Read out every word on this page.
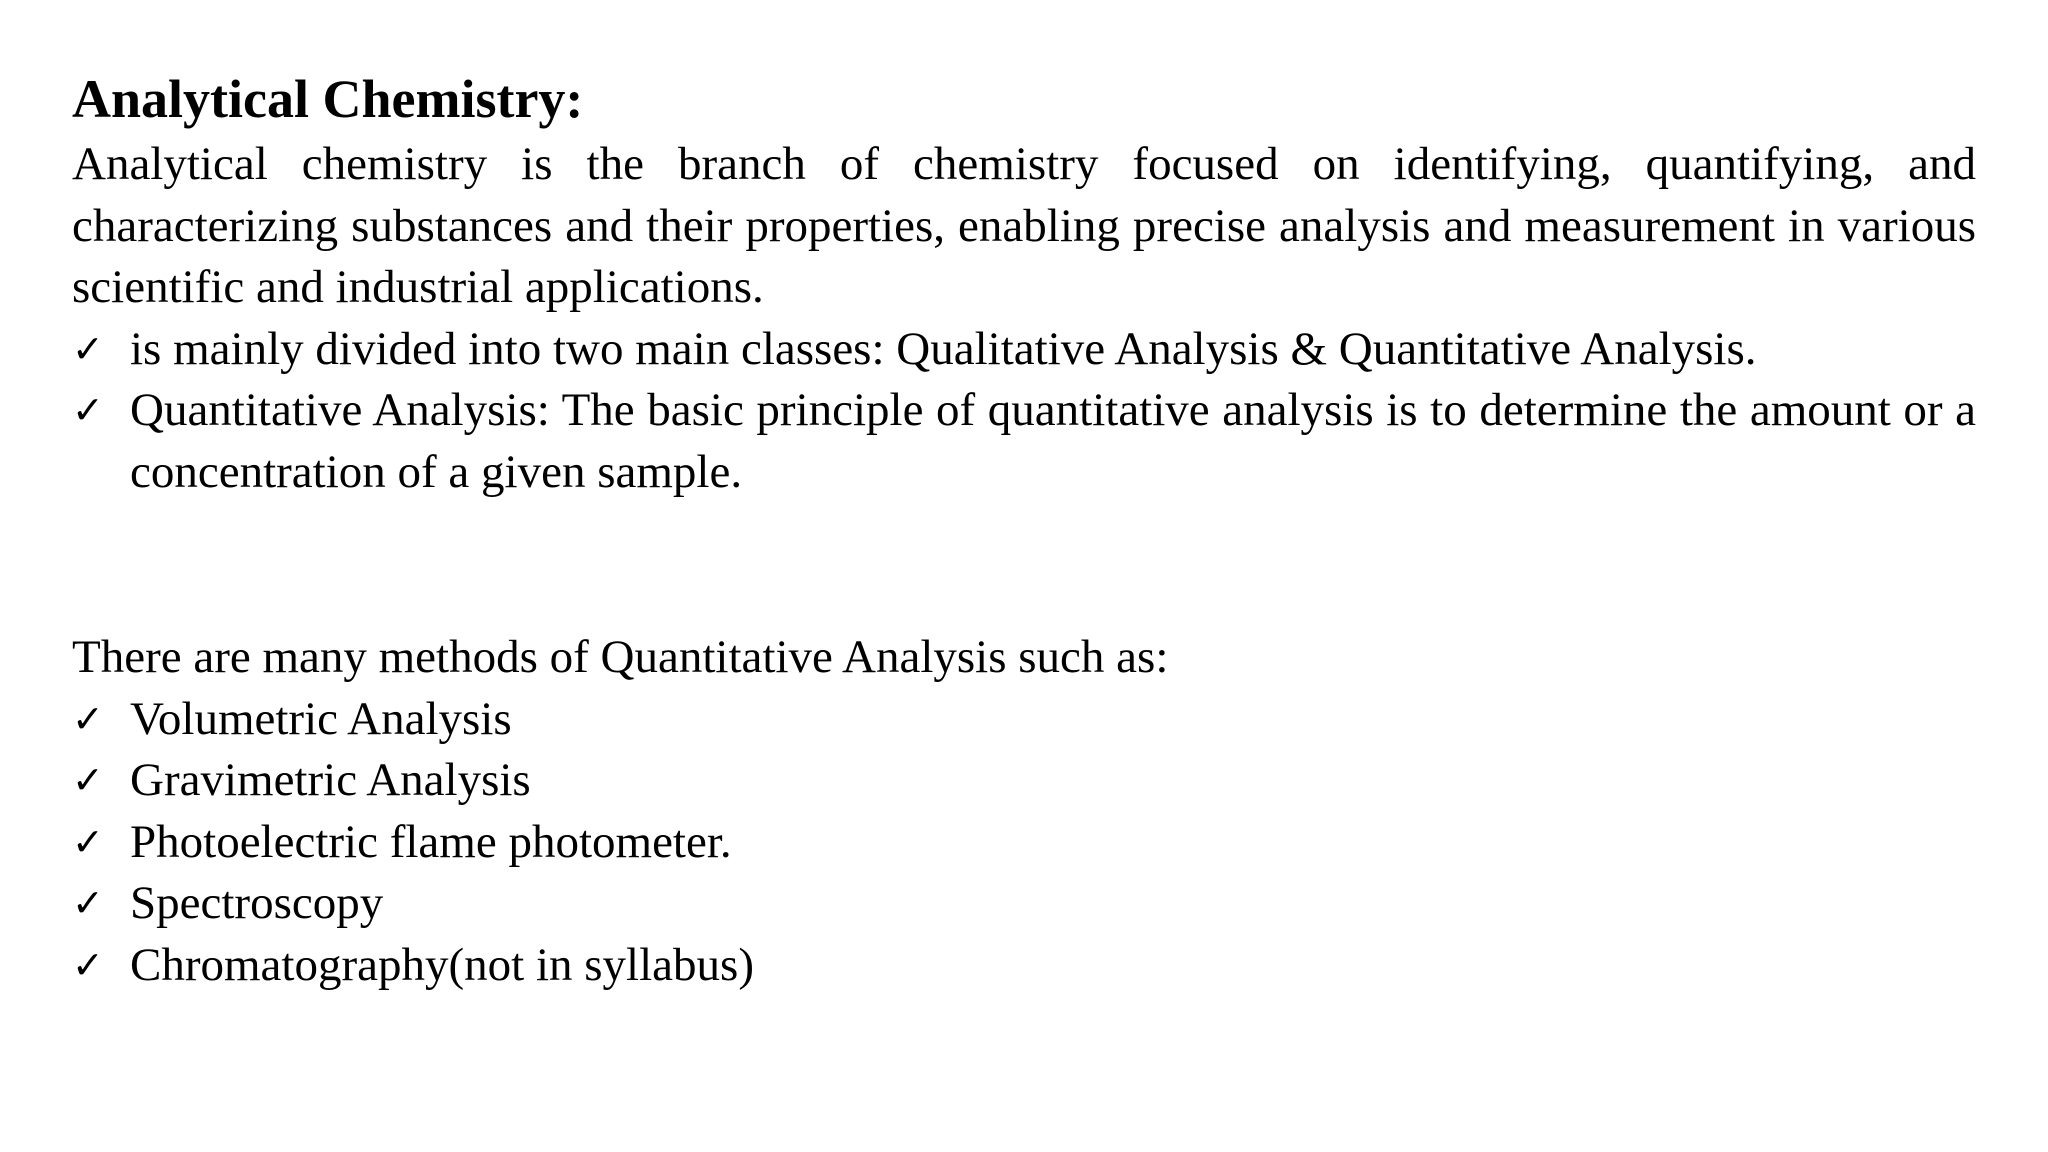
Analytical Chemistry:

Analytical chemistry is the branch of chemistry focused on identifying, quantifying, and characterizing substances and their properties, enabling precise analysis and measurement in various scientific and industrial applications.

✓ is mainly divided into two main classes: Qualitative Analysis & Quantitative Analysis.
✓ Quantitative Analysis: The basic principle of quantitative analysis is to determine the amount or a concentration of a given sample.

There are many methods of Quantitative Analysis such as:

✓ Volumetric Analysis
✓ Gravimetric Analysis
✓ Photoelectric flame photometer.
✓ Spectroscopy
✓ Chromatography(not in syllabus)
